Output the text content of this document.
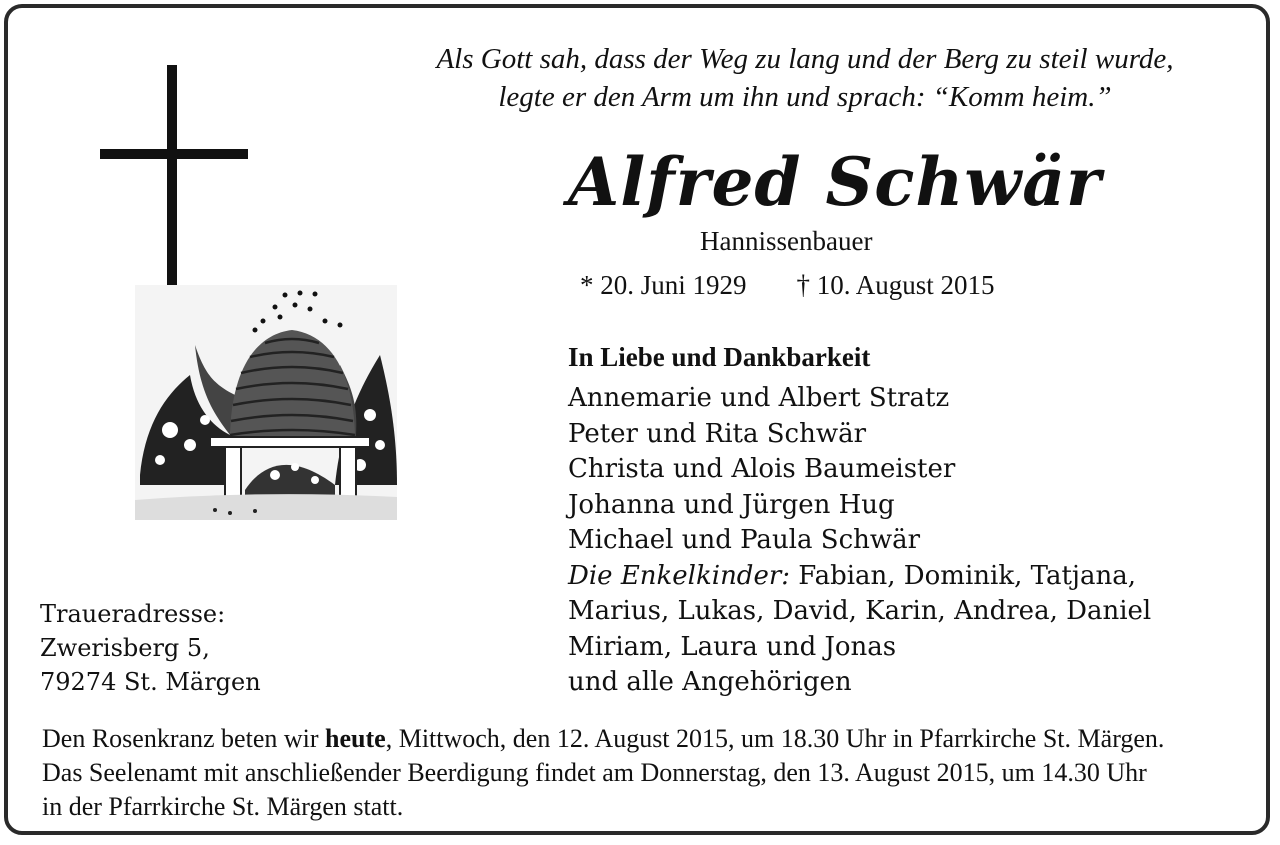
Als Gott sah, dass der Weg zu lang und der Berg zu steil wurde,
legte er den Arm um ihn und sprach: “Komm heim.”
Alfred Schwär
Hannissenbauer
* 20. Juni 1929 † 10. August 2015
In Liebe und Dankbarkeit
Annemarie und Albert Stratz
Peter und Rita Schwär
Christa und Alois Baumeister
Johanna und Jürgen Hug
Michael und Paula Schwär
Die Enkelkinder: Fabian, Dominik, Tatjana,
Marius, Lukas, David, Karin, Andrea, Daniel
Miriam, Laura und Jonas
und alle Angehörigen
Traueradresse:
Zwerisberg 5,
79274 St. Märgen
Den Rosenkranz beten wir heute, Mittwoch, den 12. August 2015, um 18.30 Uhr in Pfarrkirche St. Märgen.
Das Seelenamt mit anschließender Beerdigung findet am Donnerstag, den 13. August 2015, um 14.30 Uhr
in der Pfarrkirche St. Märgen statt.
